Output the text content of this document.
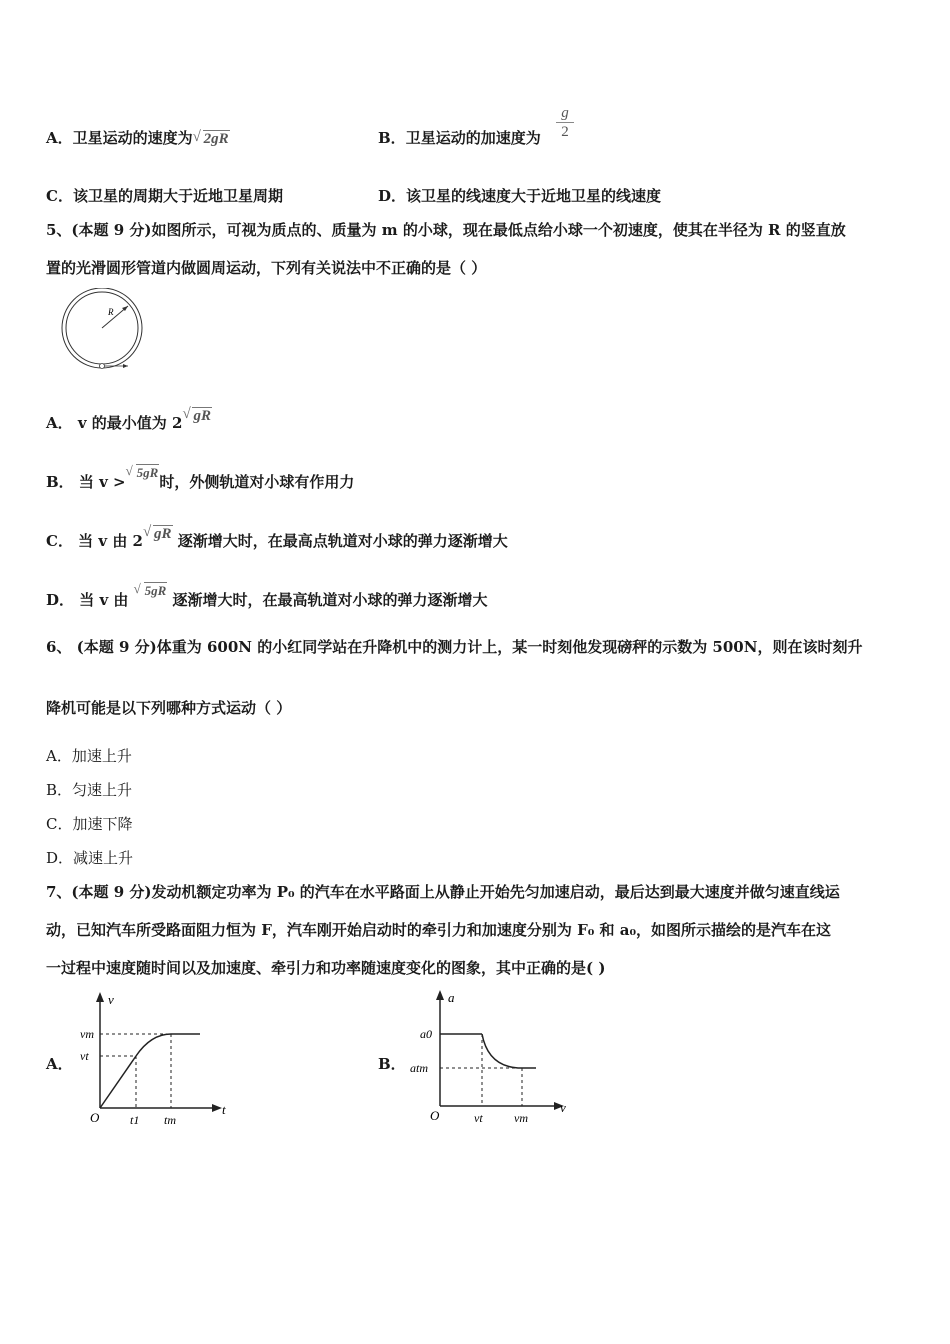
A．卫星运动的速度为 √ 2gR	B．卫星运动的加速度为
g
2
C．该卫星的周期大于近地卫星周期	D．该卫星的线速度大于近地卫星的线速度
5、(本题 9 分)如图所示，可视为质点的、质量为 m 的小球，现在最低点给小球一个初速度，使其在半径为 R 的竖直放
置的光滑圆形管道内做圆周运动，下列有关说法中不正确的是（ ）
R
A． v 的最小值为 2 √ gR
B． 当 v >√ 5gR时，外侧轨道对小球有作用力
C． 当 v 由 2 √ gR 逐渐增大时，在最高点轨道对小球的弹力逐渐增大
D． 当 v 由 √ 5gR 逐渐增大时，在最高轨道对小球的弹力逐渐增大
6、 (本题 9 分)体重为 600N 的小红同学站在升降机中的测力计上，某一时刻他发现磅秤的示数为 500N，则在该时刻升
降机可能是以下列哪种方式运动（ ）
A．加速上升
B．匀速上升
C．加速下降
D．减速上升
7、(本题 9 分)发动机额定功率为 P₀ 的汽车在水平路面上从静止开始先匀加速启动，最后达到最大速度并做匀速直线运
动，已知汽车所受路面阻力恒为 F，汽车刚开始启动时的牵引力和加速度分别为 F₀ 和 a₀，如图所示描绘的是汽车在这
一过程中速度随时间以及加速度、牵引力和功率随速度变化的图象，其中正确的是( )
A．
v
t
O
vm
vt
t1 tm
B．
a
v
O
a0
atm
vt	vm
